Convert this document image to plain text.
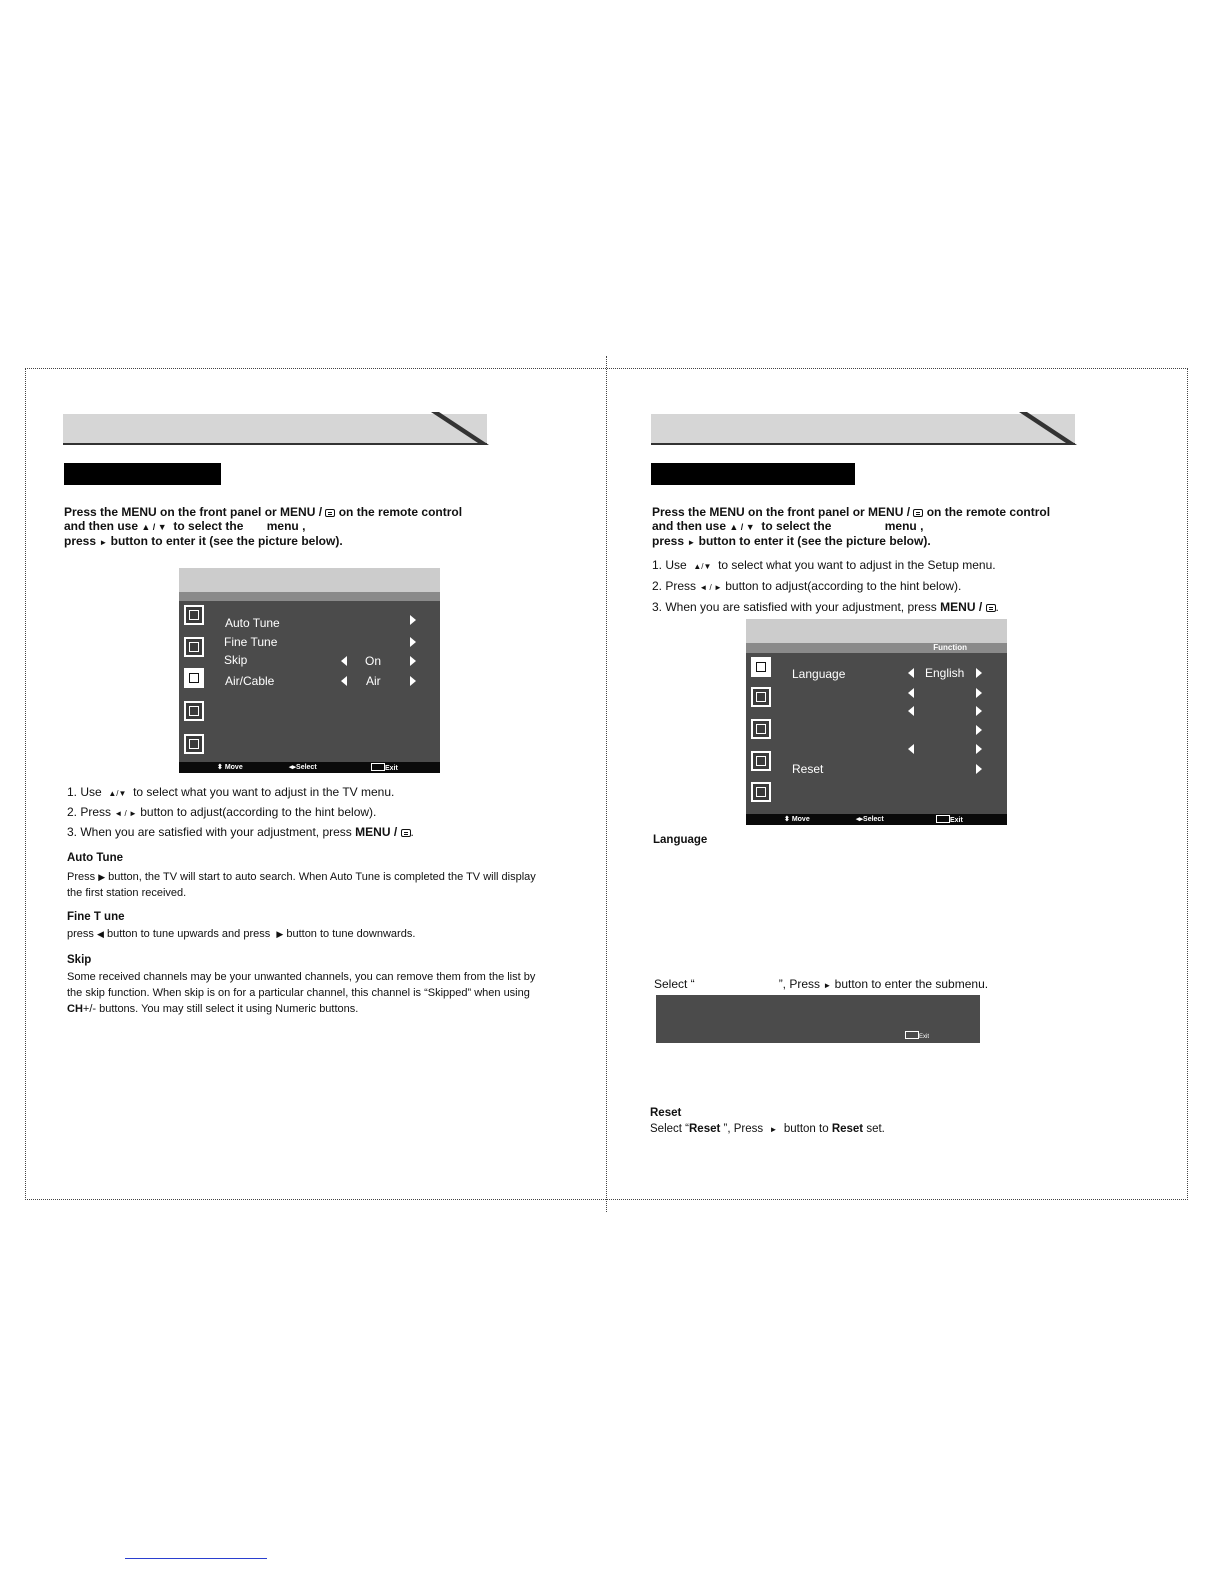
Press the MENU on the front panel or MENU / on the remote control
and then use ▲ / ▼ to select the menu ,
press ► button to enter it (see the picture below).
Auto Tune
Fine Tune
Skip	On
Air/Cable	Air
⬍ Move	◂▸Select	Exit
1. Use ▲/▼ to select what you want to adjust in the TV menu.
2. Press ◄ / ► button to adjust(according to the hint below).
3. When you are satisfied with your adjustment, press MENU / .
Auto Tune
Press ▶ button, the TV will start to auto search. When Auto Tune is completed the TV will display
the first station received.
Fine T une
press ◀ button to tune upwards and press ▶ button to tune downwards.
Skip
Some received channels may be your unwanted channels, you can remove them from the list by
the skip function. When skip is on for a particular channel, this channel is “Skipped” when using
CH+/- buttons. You may still select it using Numeric buttons.
Press the MENU on the front panel or MENU / on the remote control
and then use ▲ / ▼ to select the	menu ,
press ► button to enter it (see the picture below).
1. Use ▲/▼ to select what you want to adjust in the Setup menu.
2. Press ◄ / ► button to adjust(according to the hint below).
3. When you are satisfied with your adjustment, press MENU / .
Function
Language	English
Reset
⬍ Move	◂▸Select	Exit
Language
Select “	”, Press ► button to enter the submenu.
Exit
Reset
Select “Reset ”, Press ► button to Reset set.
